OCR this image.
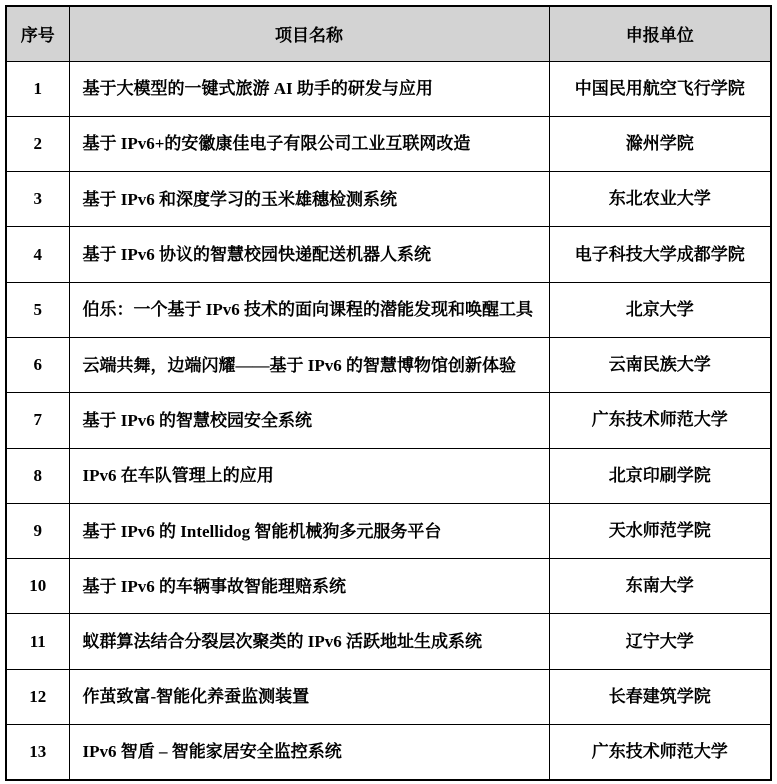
序号	项目名称	申报单位
1	基于大模型的一键式旅游 AI 助手的研发与应用	中国民用航空飞行学院
2	基于 IPv6+的安徽康佳电子有限公司工业互联网改造	滁州学院
3	基于 IPv6 和深度学习的玉米雄穗检测系统	东北农业大学
4	基于 IPv6 协议的智慧校园快递配送机器人系统	电子科技大学成都学院
5	伯乐：一个基于 IPv6 技术的面向课程的潜能发现和唤醒工具	北京大学
6	云端共舞，边端闪耀——基于 IPv6 的智慧博物馆创新体验	云南民族大学
7	基于 IPv6 的智慧校园安全系统	广东技术师范大学
8	IPv6 在车队管理上的应用	北京印刷学院
9	基于 IPv6 的 Intellidog 智能机械狗多元服务平台	天水师范学院
10	基于 IPv6 的车辆事故智能理赔系统	东南大学
11	蚁群算法结合分裂层次聚类的 IPv6 活跃地址生成系统	辽宁大学
12	作茧致富-智能化养蚕监测装置	长春建筑学院
13	IPv6 智盾 – 智能家居安全监控系统	广东技术师范大学
